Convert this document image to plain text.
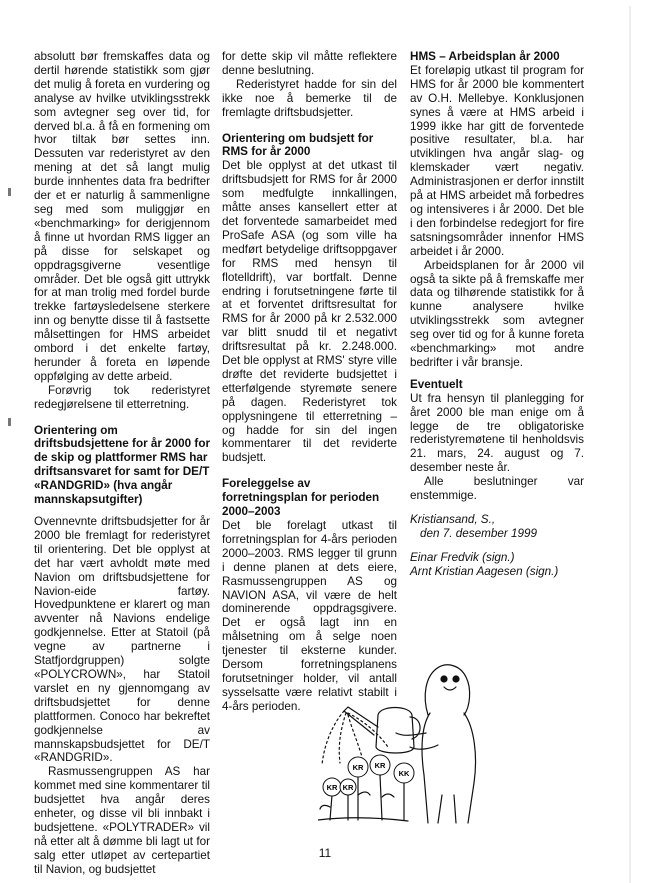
absolutt bør fremskaffes data og dertil hørende statistikk som gjør det mulig å foreta en vurdering og analyse av hvilke utviklingsstrekk som avtegner seg over tid, for derved bl.a. å få en formening om hvor tiltak bør settes inn. Dessuten var rederistyret av den mening at det så langt mulig burde innhentes data fra bedrifter der et er naturlig å sammenligne seg med som muliggjør en «benchmarking» for derigjennom å finne ut hvordan RMS ligger an på disse for selskapet og oppdragsgiverne vesentlige områder. Det ble også gitt uttrykk for at man trolig med fordel burde trekke fartøysledelsene sterkere inn og benytte disse til å fastsette målsettingen for HMS arbeidet ombord i det enkelte fartøy, herunder å foreta en løpende oppfølging av dette arbeid.

Forøvrig tok rederistyret redegjørelsene til etterretning.

Orientering om driftsbudsjettene for år 2000 for de skip og plattformer RMS har driftsansvaret for samt for DE/T «RANDGRID» (hva angår mannskapsutgifter)

Ovennevnte driftsbudsjetter for år 2000 ble fremlagt for rederistyret til orientering. Det ble opplyst at det har vært avholdt møte med Navion om driftsbudsjettene for Navion-eide fartøy. Hovedpunktene er klarert og man avventer nå Navions endelige godkjennelse. Etter at Statoil (på vegne av partnerne i Statfjordgruppen) solgte «POLYCROWN», har Statoil varslet en ny gjennomgang av driftsbudsjettet for denne plattformen. Conoco har bekreftet godkjennelse av mannskapsbudsjettet for DE/T «RANDGRID».

Rasmussengruppen AS har kommet med sine kommentarer til budsjettet hva angår deres enheter, og disse vil bli innbakt i budsjettene. «POLYTRADER» vil nå etter alt å dømme bli lagt ut for salg etter utløpet av certepartiet til Navion, og budsjettet

for dette skip vil måtte reflektere denne beslutning.

Rederistyret hadde for sin del ikke noe å bemerke til de fremlagte driftsbudsjetter.

Orientering om budsjett for RMS for år 2000

Det ble opplyst at det utkast til driftsbudsjett for RMS for år 2000 som medfulgte innkallingen, måtte anses kansellert etter at det forventede samarbeidet med ProSafe ASA (og som ville ha medført betydelige driftsoppgaver for RMS med hensyn til flotelldrift), var bortfalt. Denne endring i forutsetningene førte til at et forventet driftsresultat for RMS for år 2000 på kr 2.532.000 var blitt snudd til et negativt driftsresultat på kr. 2.248.000. Det ble opplyst at RMS' styre ville drøfte det reviderte budsjettet i etterfølgende styremøte senere på dagen. Rederistyret tok opplysningene til etterretning – og hadde for sin del ingen kommentarer til det reviderte budsjett.

Foreleggelse av forretningsplan for perioden 2000–2003

Det ble forelagt utkast til forretningsplan for 4-års perioden 2000–2003. RMS legger til grunn i denne planen at dets eiere, Rasmussengruppen AS og NAVION ASA, vil være de helt dominerende oppdragsgivere. Det er også lagt inn en målsetning om å selge noen tjenester til eksterne kunder. Dersom forretningsplanens forutsetninger holder, vil antall sysselsatte være relativt stabilt i 4-års perioden.

HMS – Arbeidsplan år 2000

Et foreløpig utkast til program for HMS for år 2000 ble kommentert av O.H. Mellebye. Konklusjonen synes å være at HMS arbeid i 1999 ikke har gitt de forventede positive resultater, bl.a. har utviklingen hva angår slag- og klemskader vært negativ. Administrasjonen er derfor innstilt på at HMS arbeidet må forbedres og intensiveres i år 2000. Det ble i den forbindelse redegjort for fire satsningsområder innenfor HMS arbeidet i år 2000.

Arbeidsplanen for år 2000 vil også ta sikte på å fremskaffe mer data og tilhørende statistikk for å kunne analysere hvilke utviklingsstrekk som avtegner seg over tid og for å kunne foreta «benchmarking» mot andre bedrifter i vår bransje.

Eventuelt

Ut fra hensyn til planlegging for året 2000 ble man enige om å legge de tre obligatoriske rederistyremøtene til henholdsvis 21. mars, 24. august og 7. desember neste år.

Alle beslutninger var enstemmige.

Kristiansand, S.,
den 7. desember 1999
Einar Fredvik (sign.)
Arnt Kristian Aagesen (sign.)
KR
KR
KR
KR
KK
11
